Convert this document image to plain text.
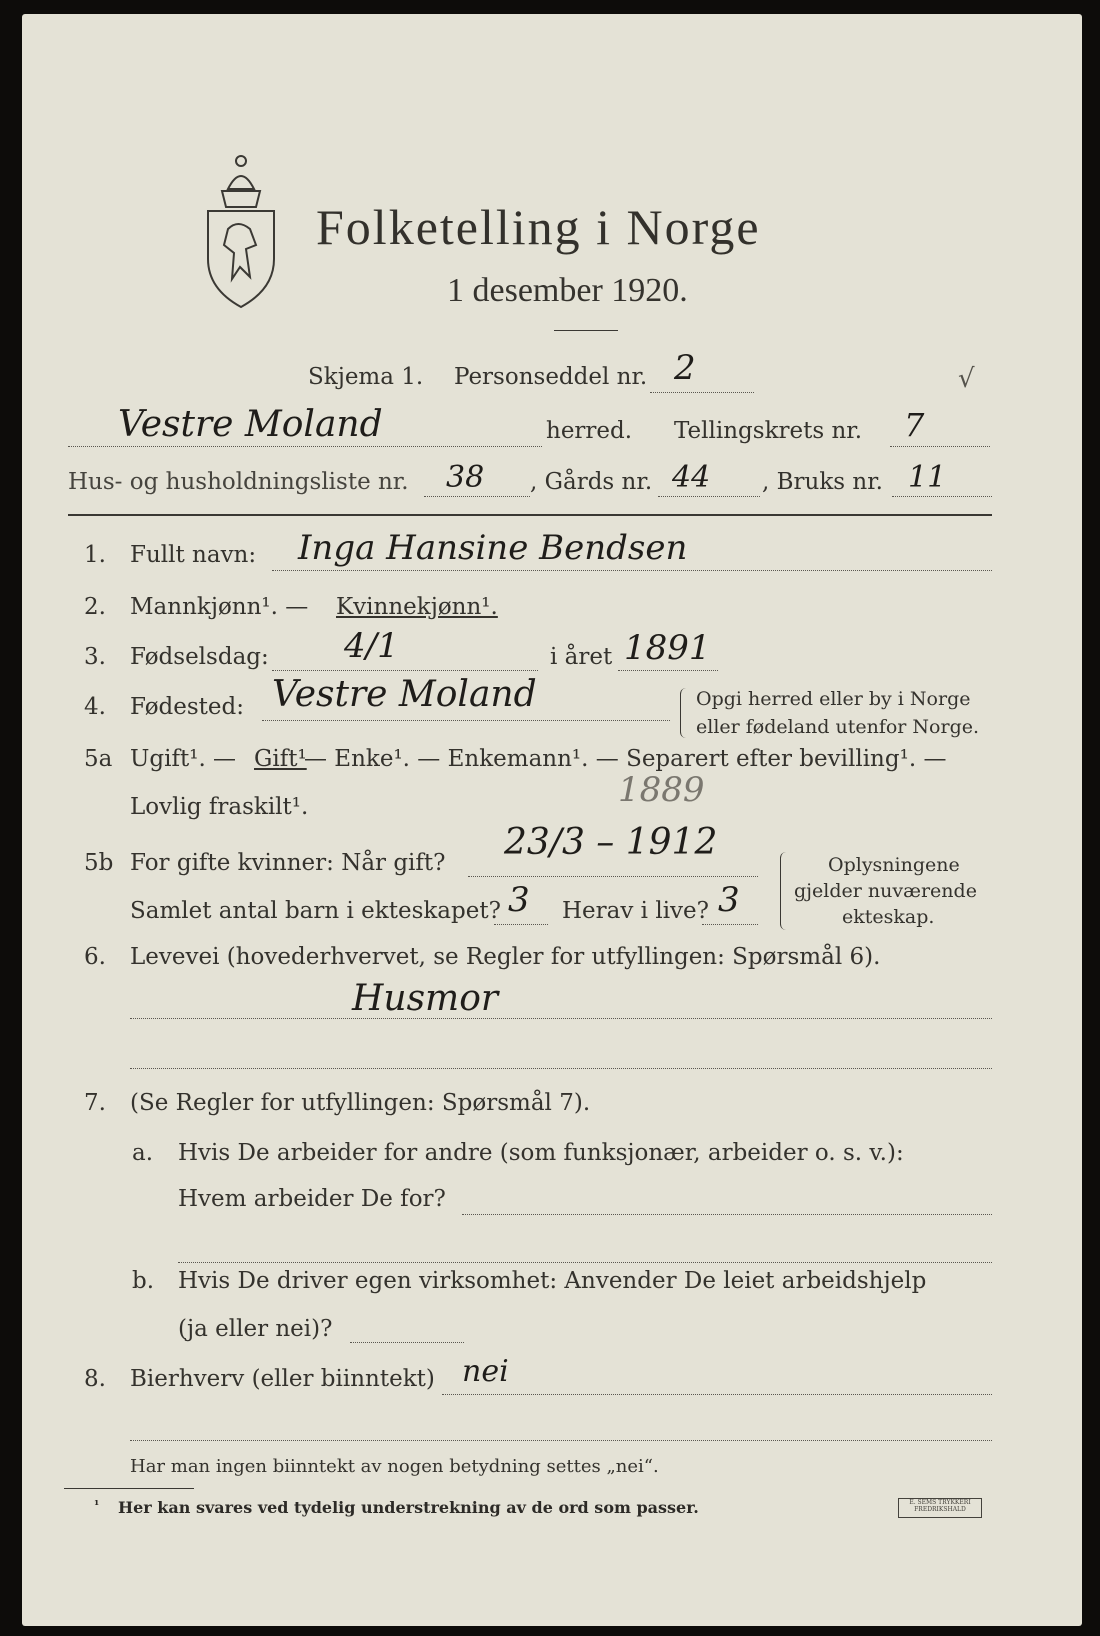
Folketelling i Norge
1 desember 1920.
Skjema 1. Personseddel nr. 2	√
Vestre Moland	herred. Tellingskrets nr. 7
Hus- og husholdningsliste nr. 38 , Gårds nr. 44 , Bruks nr. 11
1. Fullt navn: Inga Hansine Bendsen
2. Mannkjønn¹. — Kvinnekjønn¹.
3. Fødselsdag: 4/1	i året 1891
4. Fødested: Vestre Moland	Opgi herred eller by i Norge
eller fødeland utenfor Norge.
5a Ugift¹. — Gift¹
— Enke¹. — Enkemann¹. — Separert efter bevilling¹. —
Lovlig fraskilt¹.	1889
5b For gifte kvinner: Når gift? 23/3 – 1912
Samlet antal barn i ekteskapet? 3 Herav i live? 3
Oplysningene
gjelder nuværende
ekteskap.
6. Levevei (hovederhvervet, se Regler for utfyllingen: Spørsmål 6).
Husmor
7. (Se Regler for utfyllingen: Spørsmål 7).
a. Hvis De arbeider for andre (som funksjonær, arbeider o. s. v.):
Hvem arbeider De for?
b. Hvis De driver egen virksomhet: Anvender De leiet arbeidshjelp
(ja eller nei)?
8. Bierhverv (eller biinntekt) nei
Har man ingen biinntekt av nogen betydning settes „nei“.
¹ Her kan svares ved tydelig understrekning av de ord som passer.	E. SEMS TRYKKERI
FREDRIKSHALD
